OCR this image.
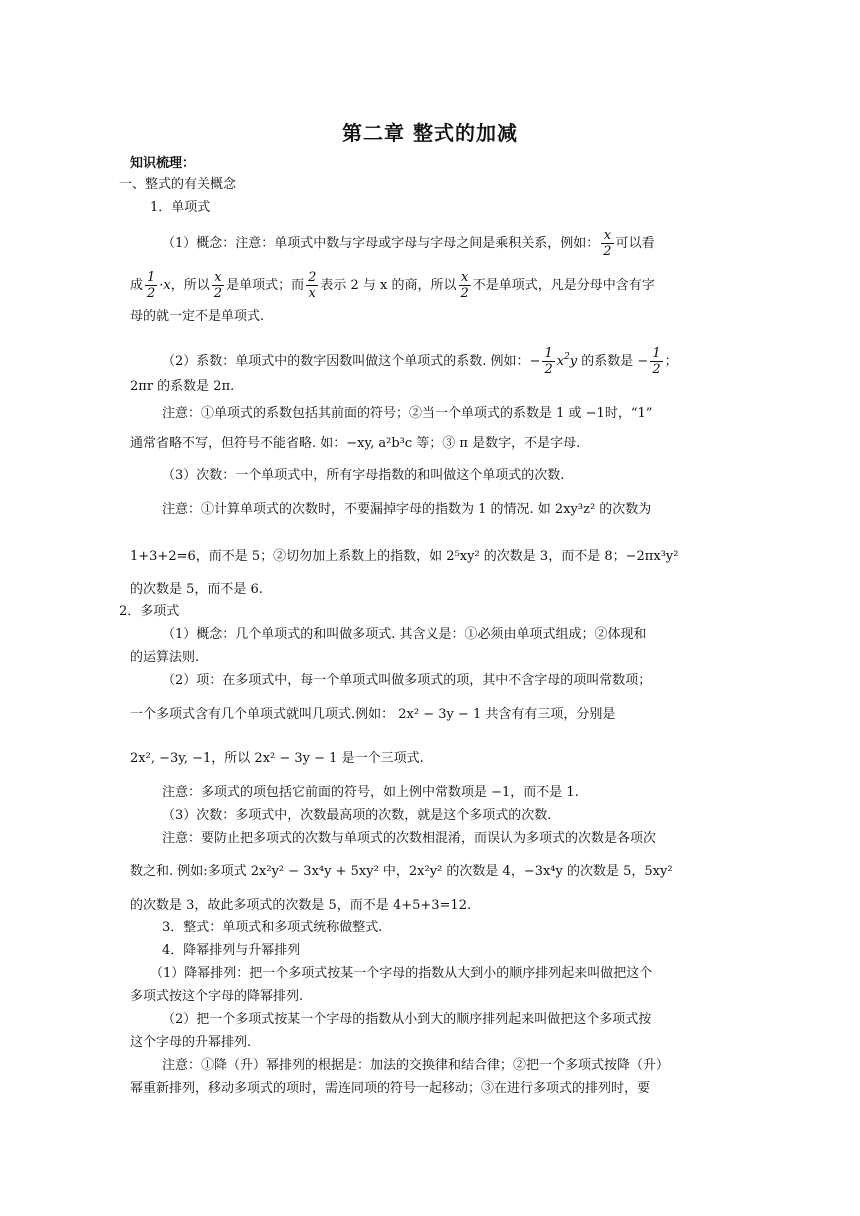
第二章 整式的加减
知识梳理：
一、整式的有关概念
1．单项式
（1）概念：注意：单项式中数与字母或字母与字母之间是乘积关系，例如： $\frac{x}{2}$ 可以看
成 $\frac{1}{2} \cdot x$，所以 $\frac{x}{2}$ 是单项式；而 $\frac{2}{x}$ 表示 2 与 x 的商，所以 $\frac{x}{2}$ 不是单项式，凡是分母中含有字
母的就一定不是单项式.
（2）系数：单项式中的数字因数叫做这个单项式的系数. 例如：− $\frac{1}{2} x^2y$ 的系数是 − $\frac{1}{2}$ ；
2πr 的系数是 2π.
注意：①单项式的系数包括其前面的符号；②当一个单项式的系数是 1 或 −1时，“1”
通常省略不写，但符号不能省略. 如：−xy, a²b³c 等；③ π 是数字，不是字母.
（3）次数：一个单项式中，所有字母指数的和叫做这个单项式的次数.
注意：①计算单项式的次数时，不要漏掉字母的指数为 1 的情况. 如 2xy³z² 的次数为
1+3+2=6，而不是 5；②切勿加上系数上的指数，如 2⁵xy² 的次数是 3，而不是 8；−2πx³y²
的次数是 5，而不是 6.
2．多项式
（1）概念：几个单项式的和叫做多项式. 其含义是：①必须由单项式组成；②体现和
的运算法则.
（2）项：在多项式中，每一个单项式叫做多项式的项，其中不含字母的项叫常数项；
一个多项式含有几个单项式就叫几项式.例如： 2x² − 3y − 1 共含有有三项，分别是
2x², −3y, −1，所以 2x² − 3y − 1 是一个三项式.
注意：多项式的项包括它前面的符号，如上例中常数项是 −1，而不是 1.
（3）次数：多项式中，次数最高项的次数，就是这个多项式的次数.
注意：要防止把多项式的次数与单项式的次数相混淆，而误认为多项式的次数是各项次
数之和. 例如:多项式 2x²y² − 3x⁴y + 5xy² 中，2x²y² 的次数是 4，−3x⁴y 的次数是 5，5xy²
的次数是 3，故此多项式的次数是 5，而不是 4+5+3=12.
3．整式：单项式和多项式统称做整式.
4．降幂排列与升幂排列
（1）降幂排列：把一个多项式按某一个字母的指数从大到小的顺序排列起来叫做把这个
多项式按这个字母的降幂排列.
（2）把一个多项式按某一个字母的指数从小到大的顺序排列起来叫做把这个多项式按
这个字母的升幂排列.
注意：①降（升）幂排列的根据是：加法的交换律和结合律；②把一个多项式按降（升）
幂重新排列，移动多项式的项时，需连同项的符号一起移动；③在进行多项式的排列时，要
